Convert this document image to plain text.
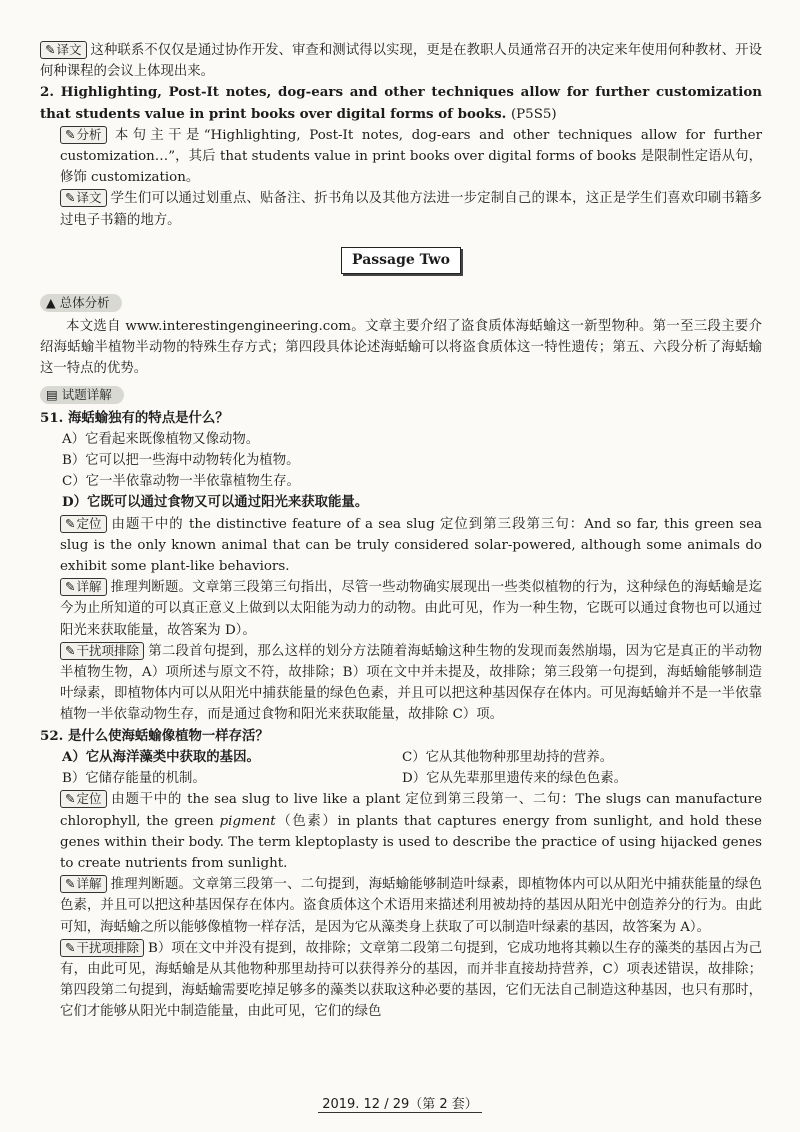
✎译文 这种联系不仅仅是通过协作开发、审查和测试得以实现，更是在教职人员通常召开的决定来年使用何种教材、开设何种课程的会议上体现出来。

2. Highlighting, Post-It notes, dog-ears and other techniques allow for further customization that students value in print books over digital forms of books. (P5S5)

✎分析 本句主干是“Highlighting, Post-It notes, dog-ears and other techniques allow for further customization…”，其后 that students value in print books over digital forms of books 是限制性定语从句，修饰 customization。

✎译文 学生们可以通过划重点、贴备注、折书角以及其他方法进一步定制自己的课本，这正是学生们喜欢印刷书籍多过电子书籍的地方。

Passage Two
▲ 总体分析

本文选自 www.interestingengineering.com。文章主要介绍了盗食质体海蛞蝓这一新型物种。第一至三段主要介绍海蛞蝓半植物半动物的特殊生存方式；第四段具体论述海蛞蝓可以将盗食质体这一特性遗传；第五、六段分析了海蛞蝓这一特点的优势。

▤ 试题详解

51. 海蛞蝓独有的特点是什么？

A）它看起来既像植物又像动物。
B）它可以把一些海中动物转化为植物。
C）它一半依靠动物一半依靠植物生存。
D）它既可以通过食物又可以通过阳光来获取能量。

✎定位 由题干中的 the distinctive feature of a sea slug 定位到第三段第三句：And so far, this green sea slug is the only known animal that can be truly considered solar-powered, although some animals do exhibit some plant-like behaviors.

✎详解 推理判断题。文章第三段第三句指出，尽管一些动物确实展现出一些类似植物的行为，这种绿色的海蛞蝓是迄今为止所知道的可以真正意义上做到以太阳能为动力的动物。由此可见，作为一种生物，它既可以通过食物也可以通过阳光来获取能量，故答案为 D）。

✎干扰项排除 第二段首句提到，那么这样的划分方法随着海蛞蝓这种生物的发现而轰然崩塌，因为它是真正的半动物半植物生物，A）项所述与原文不符，故排除；B）项在文中并未提及，故排除；第三段第一句提到，海蛞蝓能够制造叶绿素，即植物体内可以从阳光中捕获能量的绿色色素，并且可以把这种基因保存在体内。可见海蛞蝓并不是一半依靠植物一半依靠动物生存，而是通过食物和阳光来获取能量，故排除 C）项。

52. 是什么使海蛞蝓像植物一样存活？

A）它从海洋藻类中获取的基因。	C）它从其他物种那里劫持的营养。
B）它储存能量的机制。	D）它从先辈那里遗传来的绿色色素。

✎定位 由题干中的 the sea slug to live like a plant 定位到第三段第一、二句：The slugs can manufacture chlorophyll, the green pigment（色素）in plants that captures energy from sunlight, and hold these genes within their body. The term kleptoplasty is used to describe the practice of using hijacked genes to create nutrients from sunlight.

✎详解 推理判断题。文章第三段第一、二句提到，海蛞蝓能够制造叶绿素，即植物体内可以从阳光中捕获能量的绿色色素，并且可以把这种基因保存在体内。盗食质体这个术语用来描述利用被劫持的基因从阳光中创造养分的行为。由此可知，海蛞蝓之所以能够像植物一样存活，是因为它从藻类身上获取了可以制造叶绿素的基因，故答案为 A）。

✎干扰项排除 B）项在文中并没有提到，故排除；文章第二段第二句提到，它成功地将其赖以生存的藻类的基因占为己有，由此可见，海蛞蝓是从其他物种那里劫持可以获得养分的基因，而并非直接劫持营养，C）项表述错误，故排除；第四段第二句提到，海蛞蝓需要吃掉足够多的藻类以获取这种必要的基因，它们无法自己制造这种基因，也只有那时，它们才能够从阳光中制造能量，由此可见，它们的绿色

2019. 12 / 29（第 2 套）
